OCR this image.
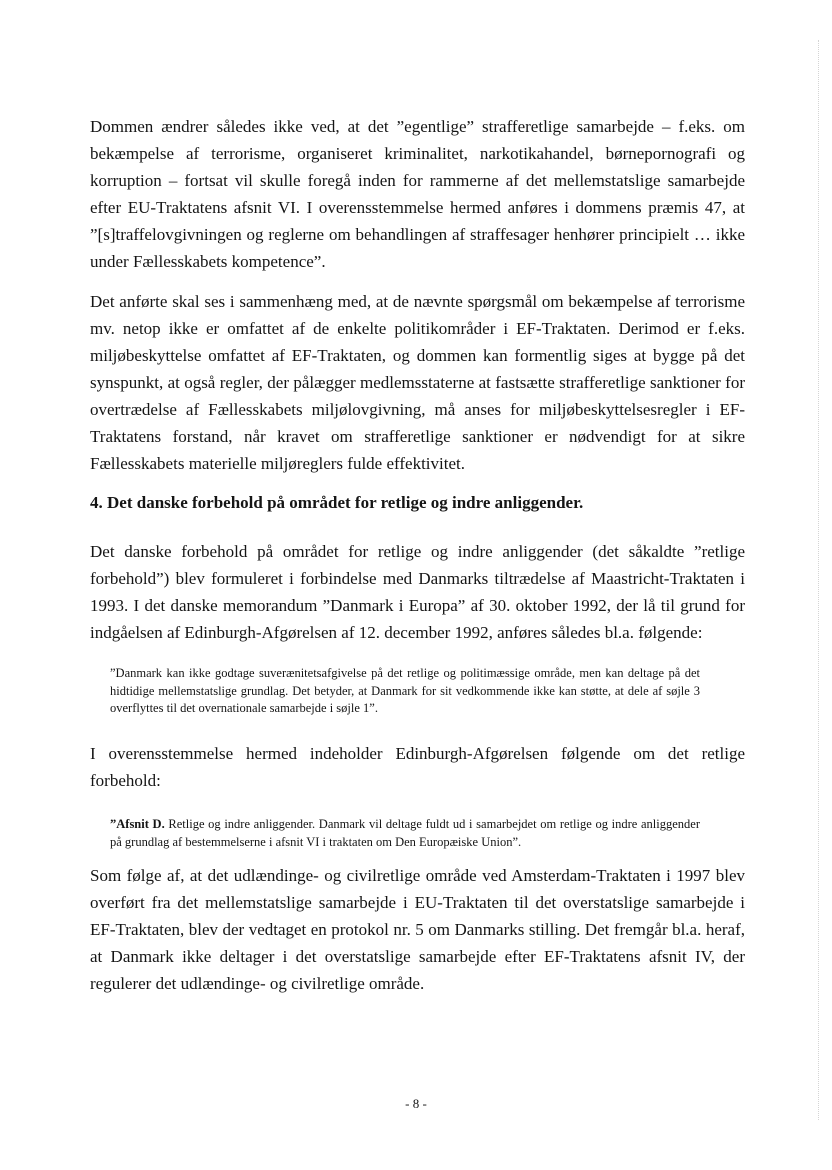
Dommen ændrer således ikke ved, at det ”egentlige” strafferetlige samarbejde – f.eks. om bekæmpelse af terrorisme, organiseret kriminalitet, narkotikahandel, børnepornografi og korruption – fortsat vil skulle foregå inden for rammerne af det mellemstatslige samarbejde efter EU-Traktatens afsnit VI. I overensstemmelse hermed anføres i dommens præmis 47, at ”[s]traffelovgivningen og reglerne om behandlingen af straffesager henhører principielt … ikke under Fællesskabets kompetence”.

Det anførte skal ses i sammenhæng med, at de nævnte spørgsmål om bekæmpelse af terrorisme mv. netop ikke er omfattet af de enkelte politikområder i EF-Traktaten. Derimod er f.eks. miljøbeskyttelse omfattet af EF-Traktaten, og dommen kan formentlig siges at bygge på det synspunkt, at også regler, der pålægger medlemsstaterne at fastsætte strafferetlige sanktioner for overtrædelse af Fællesskabets miljølovgivning, må anses for miljøbeskyttelsesregler i EF-Traktatens forstand, når kravet om strafferetlige sanktioner er nødvendigt for at sikre Fællesskabets materielle miljøreglers fulde effektivitet.

4. Det danske forbehold på området for retlige og indre anliggender.

Det danske forbehold på området for retlige og indre anliggender (det såkaldte ”retlige forbehold”) blev formuleret i forbindelse med Danmarks tiltrædelse af Maastricht-Traktaten i 1993. I det danske memorandum ”Danmark i Europa” af 30. oktober 1992, der lå til grund for indgåelsen af Edinburgh-Afgørelsen af 12. december 1992, anføres således bl.a. følgende:

”Danmark kan ikke godtage suverænitetsafgivelse på det retlige og politimæssige område, men kan deltage på det hidtidige mellemstatslige grundlag. Det betyder, at Danmark for sit vedkommende ikke kan støtte, at dele af søjle 3 overflyttes til det overnationale samarbejde i søjle 1”.

I overensstemmelse hermed indeholder Edinburgh-Afgørelsen følgende om det retlige forbehold:

”Afsnit D. Retlige og indre anliggender. Danmark vil deltage fuldt ud i samarbejdet om retlige og indre anliggender på grundlag af bestemmelserne i afsnit VI i traktaten om Den Europæiske Union”.

Som følge af, at det udlændinge- og civilretlige område ved Amsterdam-Traktaten i 1997 blev overført fra det mellemstatslige samarbejde i EU-Traktaten til det overstatslige samarbejde i EF-Traktaten, blev der vedtaget en protokol nr. 5 om Danmarks stilling. Det fremgår bl.a. heraf, at Danmark ikke deltager i det overstatslige samarbejde efter EF-Traktatens afsnit IV, der regulerer det udlændinge- og civilretlige område.

- 8 -
